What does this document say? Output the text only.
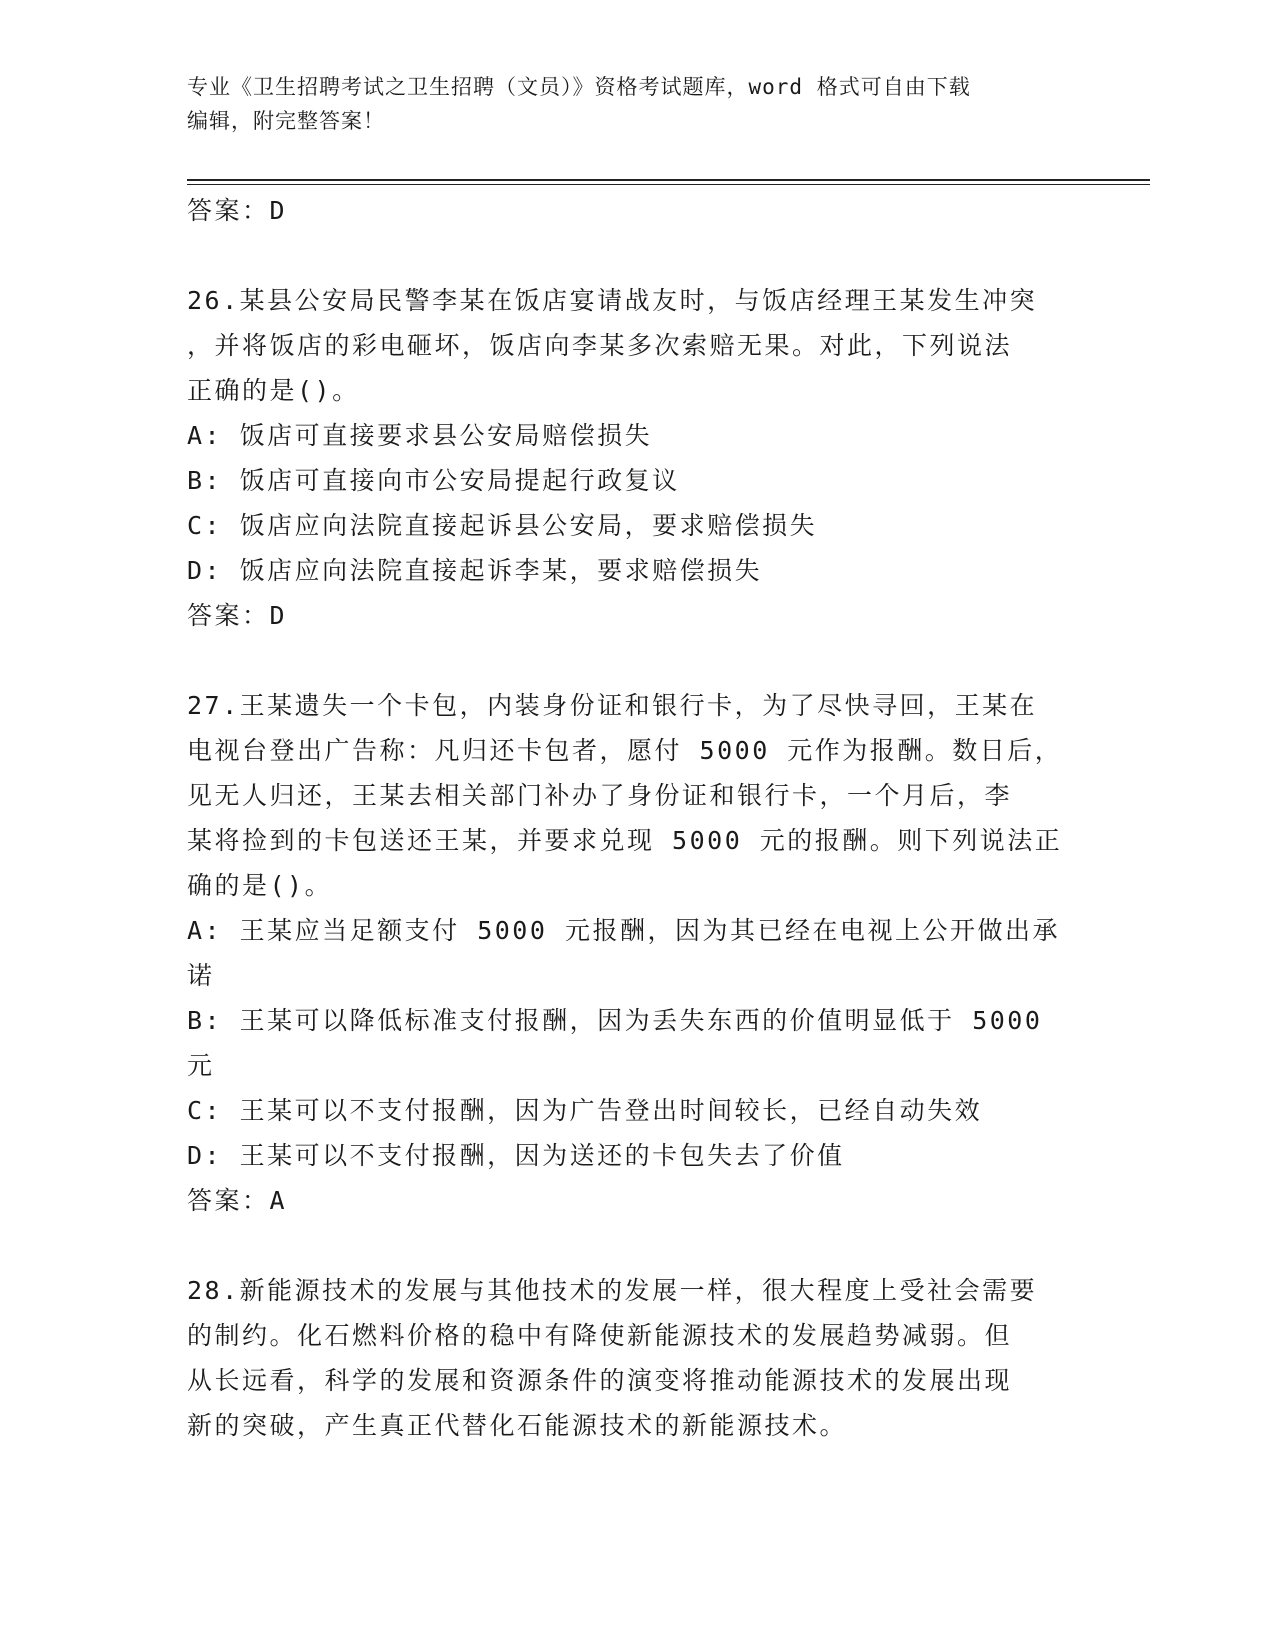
专业《卫生招聘考试之卫生招聘（文员）》资格考试题库，word 格式可自由下载
编辑，附完整答案！
答案：D
26.某县公安局民警李某在饭店宴请战友时，与饭店经理王某发生冲突
，并将饭店的彩电砸坏，饭店向李某多次索赔无果。对此，下列说法
正确的是()。
A: 饭店可直接要求县公安局赔偿损失
B: 饭店可直接向市公安局提起行政复议
C: 饭店应向法院直接起诉县公安局，要求赔偿损失
D: 饭店应向法院直接起诉李某，要求赔偿损失
答案：D
27.王某遗失一个卡包，内装身份证和银行卡，为了尽快寻回，王某在
电视台登出广告称：凡归还卡包者，愿付 5000 元作为报酬。数日后，
见无人归还，王某去相关部门补办了身份证和银行卡，一个月后，李
某将捡到的卡包送还王某，并要求兑现 5000 元的报酬。则下列说法正
确的是()。
A: 王某应当足额支付 5000 元报酬，因为其已经在电视上公开做出承
诺
B: 王某可以降低标准支付报酬，因为丢失东西的价值明显低于 5000
元
C: 王某可以不支付报酬，因为广告登出时间较长，已经自动失效
D: 王某可以不支付报酬，因为送还的卡包失去了价值
答案：A
28.新能源技术的发展与其他技术的发展一样，很大程度上受社会需要
的制约。化石燃料价格的稳中有降使新能源技术的发展趋势减弱。但
从长远看，科学的发展和资源条件的演变将推动能源技术的发展出现
新的突破，产生真正代替化石能源技术的新能源技术。
